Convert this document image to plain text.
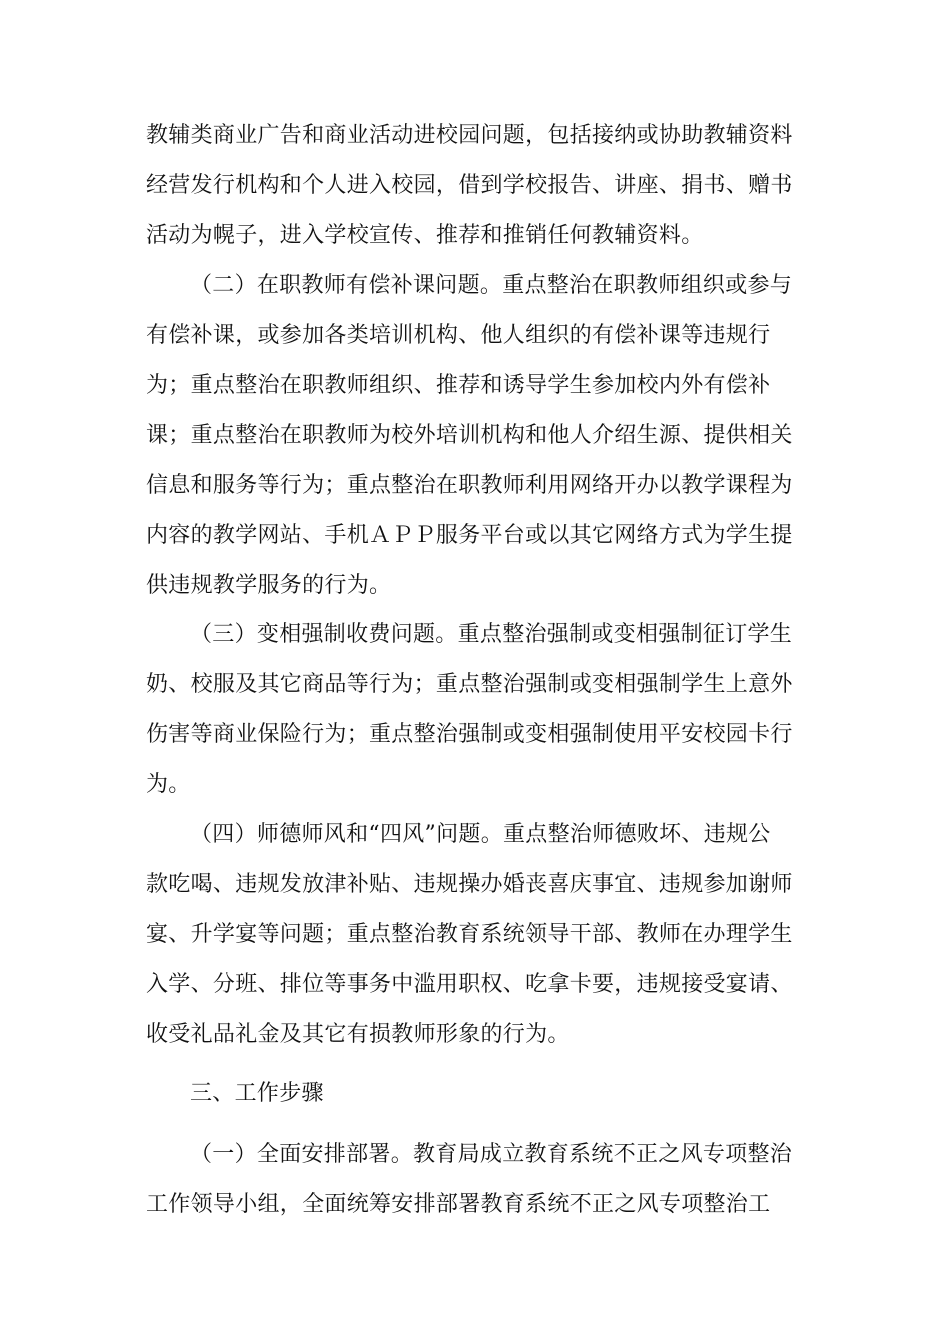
教辅类商业广告和商业活动进校园问题，包括接纳或协助教辅资料
经营发行机构和个人进入校园，借到学校报告、讲座、捐书、赠书
活动为幌子，进入学校宣传、推荐和推销任何教辅资料。
（二）在职教师有偿补课问题。重点整治在职教师组织或参与
有偿补课，或参加各类培训机构、他人组织的有偿补课等违规行
为；重点整治在职教师组织、推荐和诱导学生参加校内外有偿补
课；重点整治在职教师为校外培训机构和他人介绍生源、提供相关
信息和服务等行为；重点整治在职教师利用网络开办以教学课程为
内容的教学网站、手机ＡＰＰ服务平台或以其它网络方式为学生提
供违规教学服务的行为。
（三）变相强制收费问题。重点整治强制或变相强制征订学生
奶、校服及其它商品等行为；重点整治强制或变相强制学生上意外
伤害等商业保险行为；重点整治强制或变相强制使用平安校园卡行
为。
（四）师德师风和“四风”问题。重点整治师德败坏、违规公
款吃喝、违规发放津补贴、违规操办婚丧喜庆事宜、违规参加谢师
宴、升学宴等问题；重点整治教育系统领导干部、教师在办理学生
入学、分班、排位等事务中滥用职权、吃拿卡要，违规接受宴请、
收受礼品礼金及其它有损教师形象的行为。
三、工作步骤
（一）全面安排部署。教育局成立教育系统不正之风专项整治
工作领导小组，全面统筹安排部署教育系统不正之风专项整治工
